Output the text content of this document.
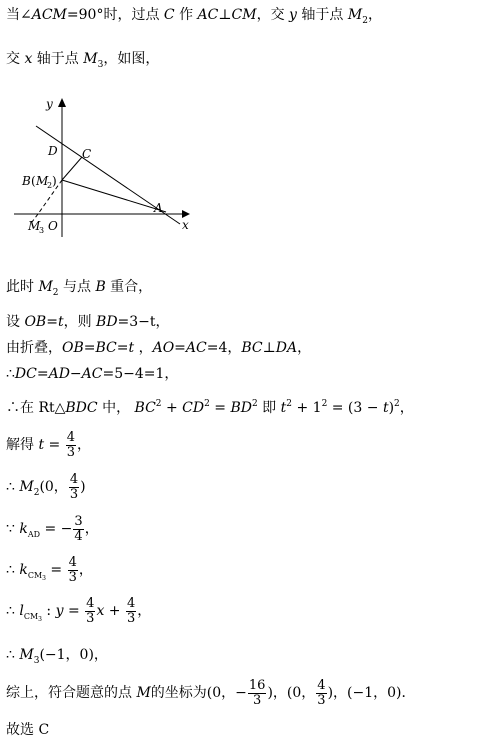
当∠ACM=90°时，过点 C 作 AC⊥CM，交 y 轴于点 $M_2$，
交 x 轴于点 $M_3$，如图，
y
x
D C
B ( M
2 )
A
M
3 O
此时 $M_2$ 与点 B 重合，
设 OB=t，则 BD=3−t，
由折叠，OB=BC=t ，AO=AC=4，BC⊥DA，
∴DC=AD−AC=5−4=1，
∴在 Rt△BDC 中， $BC^2 + CD^2 = BD^2$ 即 $t^2 + 1^2 = (3 - t)^2$，
解得 $t = \frac{4}{3}$ ，
∴ $M_2(0$， $\frac{4}{3}$ )
∵ $k_{AD}$ = − $\frac{3}{4}$ ，
∴ $k_{CM3} = \frac{4}{3}$ ，
∴ $l_{CM3}$ : $y = \frac{4}{3}$ $x + \frac{4}{3}$ ，
∴ $M_3(-1$，0)，
综上，符合题意的点 M的坐标为(0，− $\frac{16}{3}$ )，(0， $\frac{4}{3}$ )，(−1，0)．
故选 C
